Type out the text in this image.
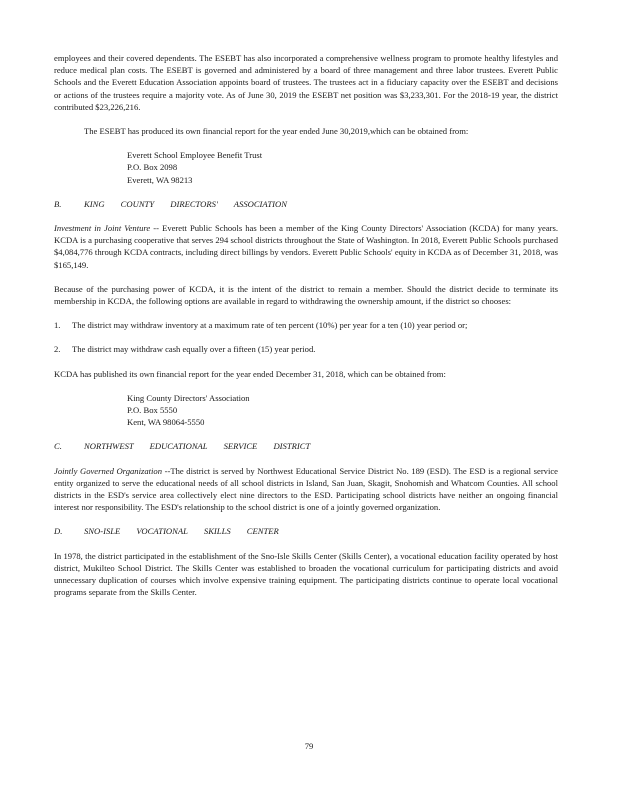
employees and their covered dependents. The ESEBT has also incorporated a comprehensive wellness program to promote healthy lifestyles and reduce medical plan costs. The ESEBT is governed and administered by a board of three management and three labor trustees. Everett Public Schools and the Everett Education Association appoints board of trustees. The trustees act in a fiduciary capacity over the ESEBT and decisions or actions of the trustees require a majority vote. As of June 30, 2019 the ESEBT net position was $3,233,301. For the 2018-19 year, the district contributed $23,226,216.

The ESEBT has produced its own financial report for the year ended June 30,2019,which can be obtained from:

Everett School Employee Benefit Trust
P.O. Box 2098
Everett, WA 98213
B.	KING COUNTY DIRECTORS' ASSOCIATION

Investment in Joint Venture -- Everett Public Schools has been a member of the King County Directors' Association (KCDA) for many years. KCDA is a purchasing cooperative that serves 294 school districts throughout the State of Washington. In 2018, Everett Public Schools purchased $4,084,776 through KCDA contracts, including direct billings by vendors. Everett Public Schools' equity in KCDA as of December 31, 2018, was $165,149.

Because of the purchasing power of KCDA, it is the intent of the district to remain a member. Should the district decide to terminate its membership in KCDA, the following options are available in regard to withdrawing the ownership amount, if the district so chooses:

1.	The district may withdraw inventory at a maximum rate of ten percent (10%) per year for a ten (10) year period or;
2.	The district may withdraw cash equally over a fifteen (15) year period.

KCDA has published its own financial report for the year ended December 31, 2018, which can be obtained from:

King County Directors' Association
P.O. Box 5550
Kent, WA 98064-5550
C.	NORTHWEST EDUCATIONAL SERVICE DISTRICT

Jointly Governed Organization --The district is served by Northwest Educational Service District No. 189 (ESD). The ESD is a regional service entity organized to serve the educational needs of all school districts in Island, San Juan, Skagit, Snohomish and Whatcom Counties. All school districts in the ESD's service area collectively elect nine directors to the ESD. Participating school districts have neither an ongoing financial interest nor responsibility. The ESD's relationship to the school district is one of a jointly governed organization.

D.	SNO-ISLE VOCATIONAL SKILLS CENTER

In 1978, the district participated in the establishment of the Sno-Isle Skills Center (Skills Center), a vocational education facility operated by host district, Mukilteo School District. The Skills Center was established to broaden the vocational curriculum for participating districts and avoid unnecessary duplication of courses which involve expensive training equipment. The participating districts continue to operate local vocational programs separate from the Skills Center.

79
